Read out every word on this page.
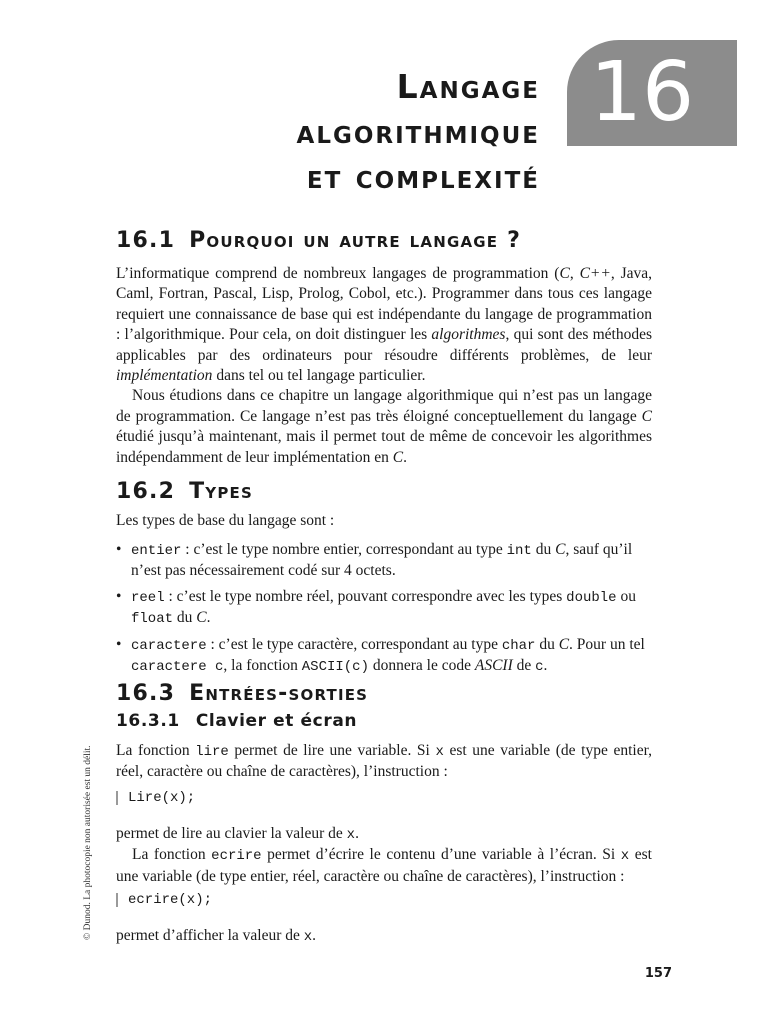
Langage
algorithmique
et complexité
16
16.1 Pourquoi un autre langage ?

L’informatique comprend de nombreux langages de programmation (C, C++, Java, Caml, Fortran, Pascal, Lisp, Prolog, Cobol, etc.). Programmer dans tous ces langage requiert une connaissance de base qui est indépendante du langage de programmation : l’algorithmique. Pour cela, on doit distinguer les algorithmes, qui sont des méthodes applicables par des ordinateurs pour résoudre différents problèmes, de leur implémentation dans tel ou tel langage particulier.

Nous étudions dans ce chapitre un langage algorithmique qui n’est pas un langage de programmation. Ce langage n’est pas très éloigné conceptuellement du langage C étudié jusqu’à maintenant, mais il permet tout de même de concevoir les algorithmes indépendamment de leur implémentation en C.

16.2 Types
Les types de base du langage sont :
• entier : c’est le type nombre entier, correspondant au type int du C, sauf qu’il n’est pas nécessairement codé sur 4 octets.
• reel : c’est le type nombre réel, pouvant correspondre avec les types double ou float du C.
• caractere : c’est le type caractère, correspondant au type char du C. Pour un tel caractere c, la fonction ASCII(c) donnera le code ASCII de c.
16.3 Entrées-sorties
16.3.1 Clavier et écran

La fonction lire permet de lire une variable. Si x est une variable (de type entier, réel, caractère ou chaîne de caractères), l’instruction :

Lire(x);

permet de lire au clavier la valeur de x.

La fonction ecrire permet d’écrire le contenu d’une variable à l’écran. Si x est une variable (de type entier, réel, caractère ou chaîne de caractères), l’instruction :

ecrire(x);

permet d’afficher la valeur de x.

© Dunod. La photocopie non autorisée est un délit.
157
